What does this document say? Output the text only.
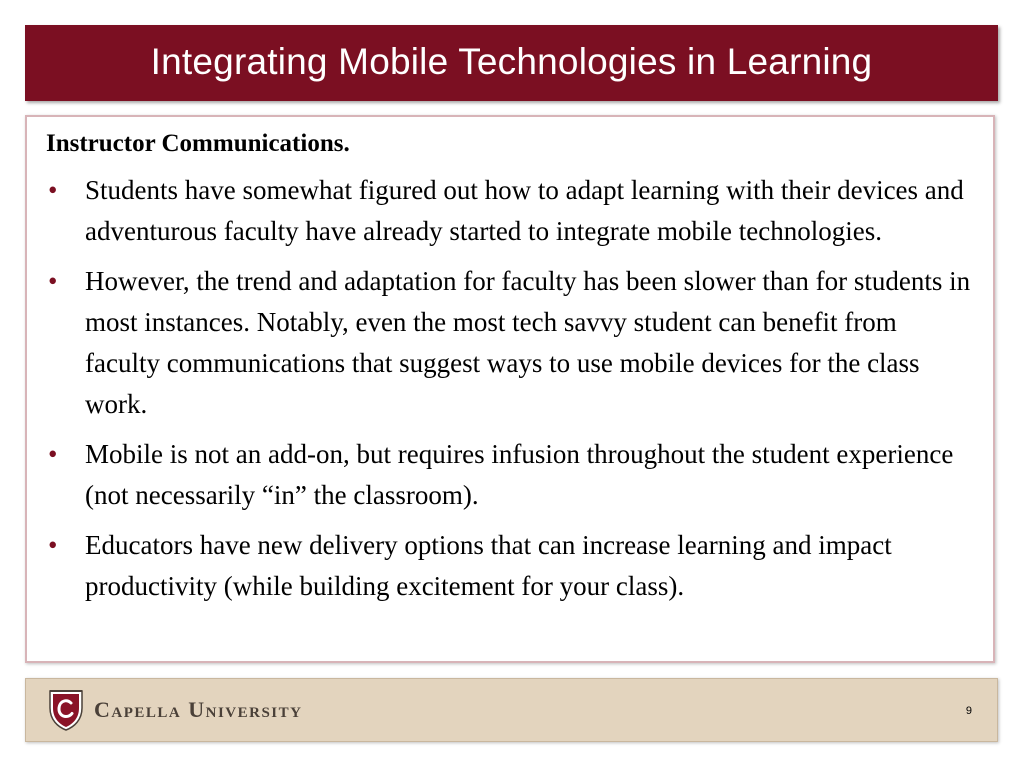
Integrating Mobile Technologies in Learning

Instructor Communications.

• Students have somewhat figured out how to adapt learning with their devices and adventurous faculty have already started to integrate mobile technologies.
• However, the trend and adaptation for faculty has been slower than for students in most instances. Notably, even the most tech savvy student can benefit from faculty communications that suggest ways to use mobile devices for the class work.
• Mobile is not an add-on, but requires infusion throughout the student experience (not necessarily “in” the classroom).
• Educators have new delivery options that can increase learning and impact productivity (while building excitement for your class).
Capella University	9
